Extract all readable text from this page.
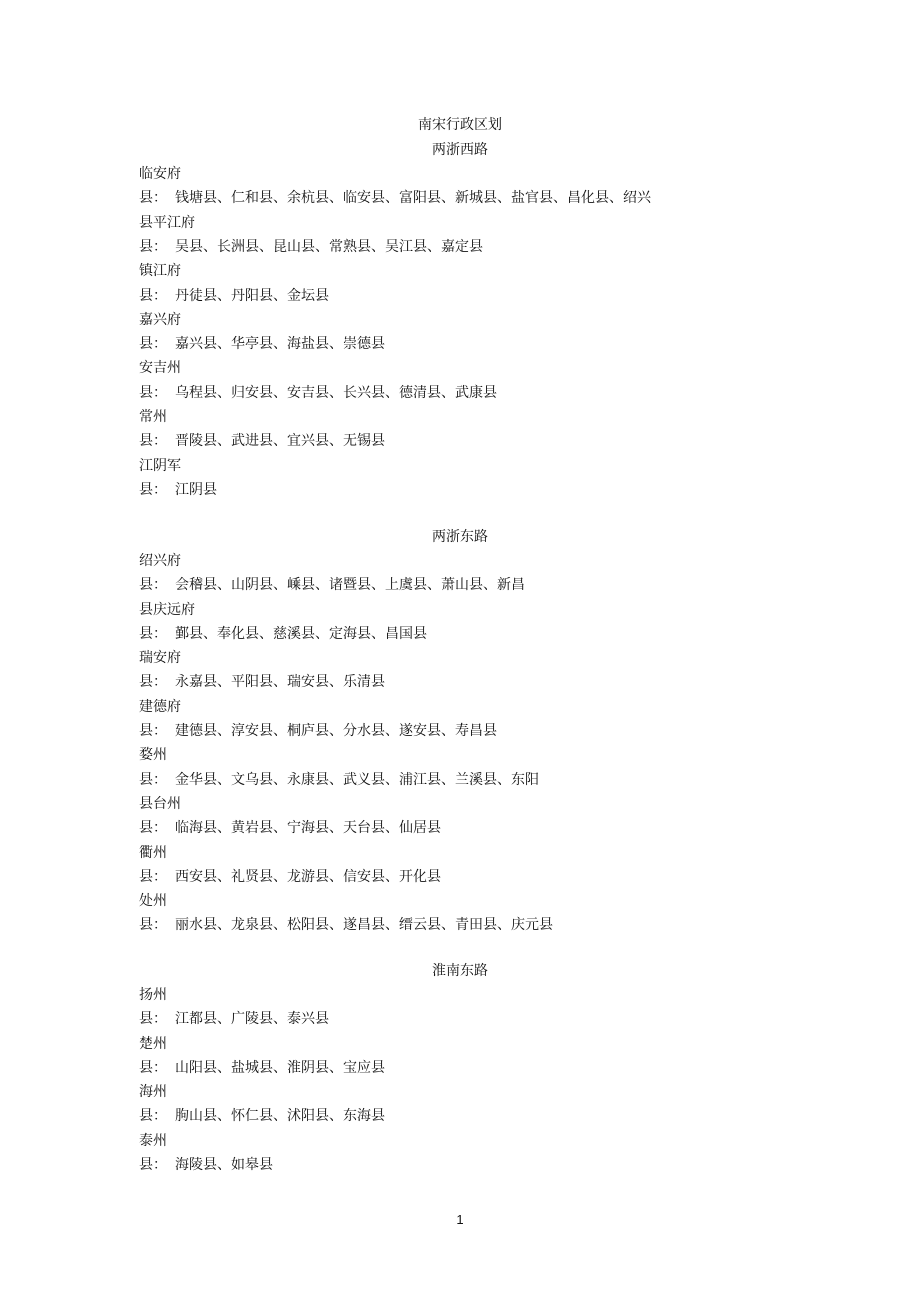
南宋行政区划
两浙西路
临安府
县： 钱塘县、仁和县、余杭县、临安县、富阳县、新城县、盐官县、昌化县、绍兴
县平江府
县： 吴县、长洲县、昆山县、常熟县、吴江县、嘉定县
镇江府
县： 丹徒县、丹阳县、金坛县
嘉兴府
县： 嘉兴县、华亭县、海盐县、崇德县
安吉州
县： 乌程县、归安县、安吉县、长兴县、德清县、武康县
常州
县： 晋陵县、武进县、宜兴县、无锡县
江阴军
县： 江阴县
两浙东路
绍兴府
县： 会稽县、山阴县、嵊县、诸暨县、上虞县、萧山县、新昌
县庆远府
县： 鄞县、奉化县、慈溪县、定海县、昌国县
瑞安府
县： 永嘉县、平阳县、瑞安县、乐清县
建德府
县： 建德县、淳安县、桐庐县、分水县、遂安县、寿昌县
婺州
县： 金华县、文乌县、永康县、武义县、浦江县、兰溪县、东阳
县台州
县： 临海县、黄岩县、宁海县、天台县、仙居县
衢州
县： 西安县、礼贤县、龙游县、信安县、开化县
处州
县： 丽水县、龙泉县、松阳县、遂昌县、缙云县、青田县、庆元县
淮南东路
扬州
县： 江都县、广陵县、泰兴县
楚州
县： 山阳县、盐城县、淮阴县、宝应县
海州
县： 朐山县、怀仁县、沭阳县、东海县
泰州
县： 海陵县、如皋县
1
